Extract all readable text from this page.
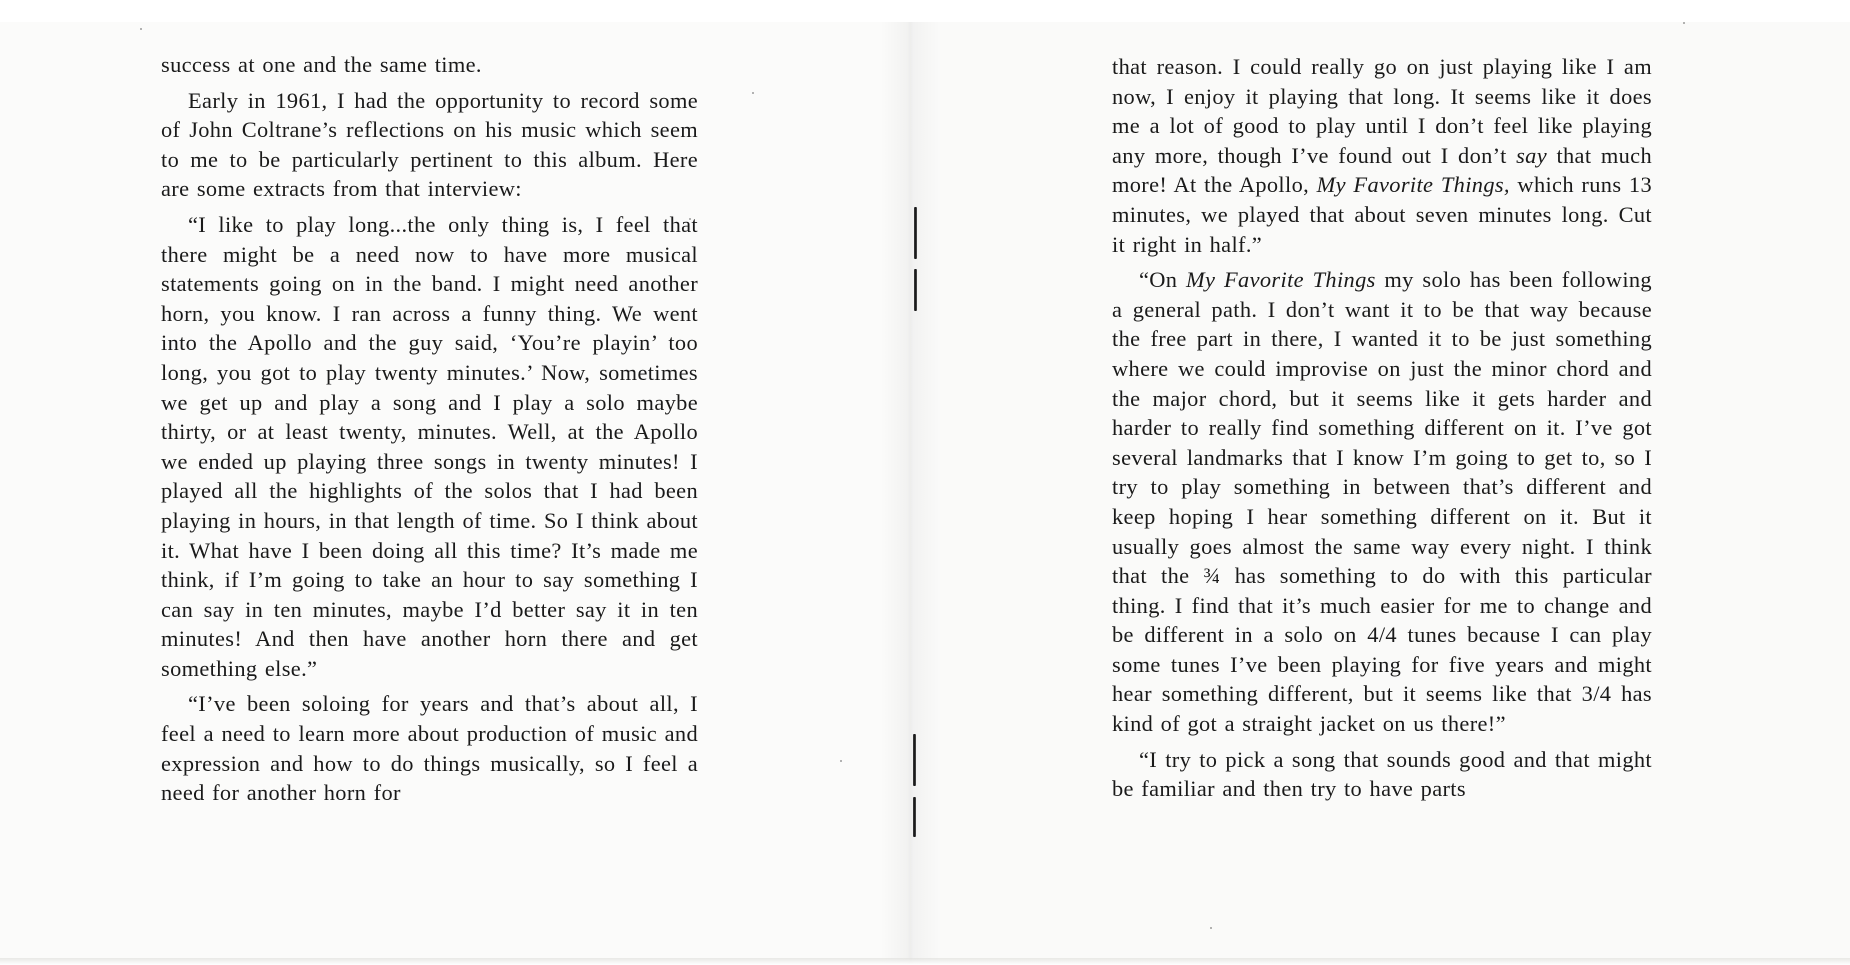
success at one and the same time.

Early in 1961, I had the opportunity to record some of John Coltrane’s reflections on his music which seem to me to be particularly pertinent to this album. Here are some extracts from that interview:

“I like to play long...the only thing is, I feel that there might be a need now to have more musical statements going on in the band. I might need another horn, you know. I ran across a funny thing. We went into the Apollo and the guy said, ‘You’re playin’ too long, you got to play twenty minutes.’ Now, sometimes we get up and play a song and I play a solo maybe thirty, or at least twenty, minutes. Well, at the Apollo we ended up playing three songs in twenty minutes! I played all the highlights of the solos that I had been playing in hours, in that length of time. So I think about it. What have I been doing all this time? It’s made me think, if I’m going to take an hour to say something I can say in ten minutes, maybe I’d better say it in ten minutes! And then have another horn there and get something else.”

“I’ve been soloing for years and that’s about all, I feel a need to learn more about production of music and expression and how to do things musically, so I feel a need for another horn for

that reason. I could really go on just playing like I am now, I enjoy it playing that long. It seems like it does me a lot of good to play until I don’t feel like playing any more, though I’ve found out I don’t say that much more! At the Apollo, My Favorite Things, which runs 13 minutes, we played that about seven minutes long. Cut it right in half.”

“On My Favorite Things my solo has been following a general path. I don’t want it to be that way because the free part in there, I wanted it to be just something where we could improvise on just the minor chord and the major chord, but it seems like it gets harder and harder to really find something different on it. I’ve got several landmarks that I know I’m going to get to, so I try to play something in between that’s different and keep hoping I hear something different on it. But it usually goes almost the same way every night. I think that the ¾ has something to do with this particular thing. I find that it’s much easier for me to change and be different in a solo on 4/4 tunes because I can play some tunes I’ve been playing for five years and might hear something different, but it seems like that 3/4 has kind of got a straight jacket on us there!”

“I try to pick a song that sounds good and that might be familiar and then try to have parts
